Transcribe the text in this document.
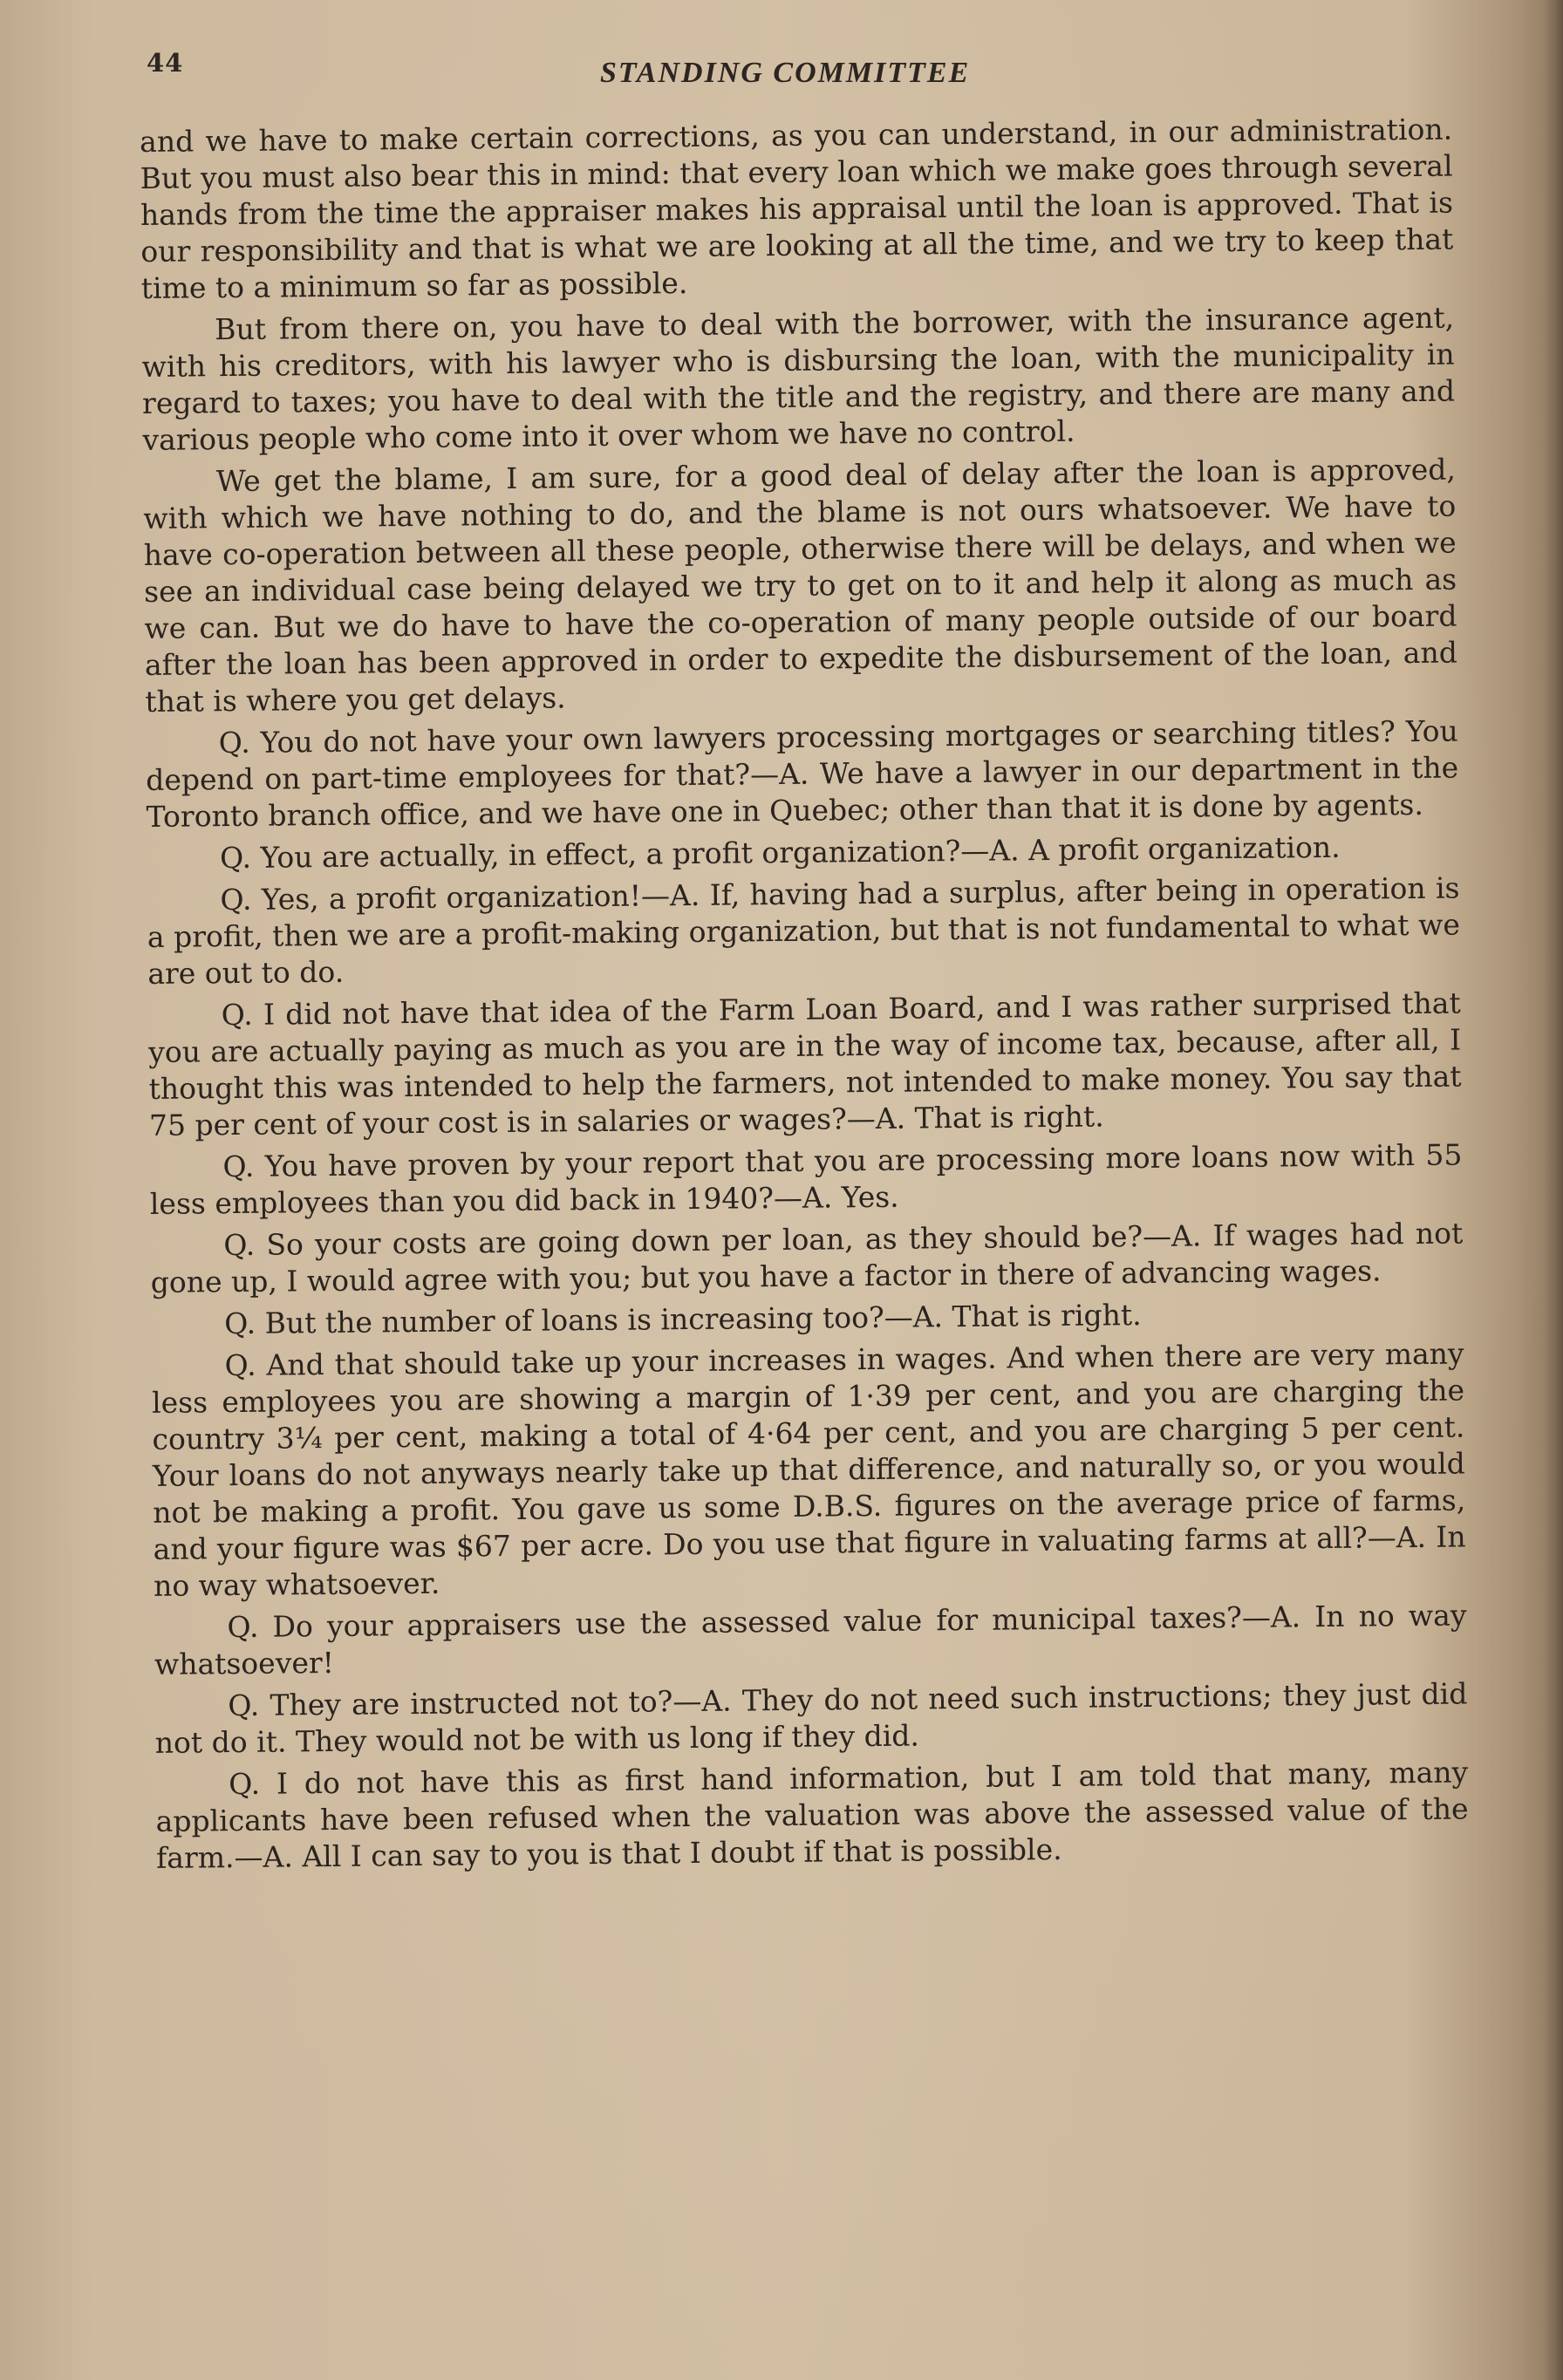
44	STANDING COMMITTEE

and we have to make certain corrections, as you can understand, in our administration. But you must also bear this in mind: that every loan which we make goes through several hands from the time the appraiser makes his appraisal until the loan is approved. That is our responsibility and that is what we are looking at all the time, and we try to keep that time to a minimum so far as possible.

But from there on, you have to deal with the borrower, with the insurance agent, with his creditors, with his lawyer who is disbursing the loan, with the municipality in regard to taxes; you have to deal with the title and the registry, and there are many and various people who come into it over whom we have no control.

We get the blame, I am sure, for a good deal of delay after the loan is approved, with which we have nothing to do, and the blame is not ours whatsoever. We have to have co-operation between all these people, otherwise there will be delays, and when we see an individual case being delayed we try to get on to it and help it along as much as we can. But we do have to have the co-operation of many people outside of our board after the loan has been approved in order to expedite the disbursement of the loan, and that is where you get delays.

Q. You do not have your own lawyers processing mortgages or searching titles? You depend on part-time employees for that?—A. We have a lawyer in our department in the Toronto branch office, and we have one in Quebec; other than that it is done by agents.

Q. You are actually, in effect, a profit organization?—A. A profit organization.

Q. Yes, a profit organization!—A. If, having had a surplus, after being in operation is a profit, then we are a profit-making organization, but that is not fundamental to what we are out to do.

Q. I did not have that idea of the Farm Loan Board, and I was rather surprised that you are actually paying as much as you are in the way of income tax, because, after all, I thought this was intended to help the farmers, not intended to make money. You say that 75 per cent of your cost is in salaries or wages?—A. That is right.

Q. You have proven by your report that you are processing more loans now with 55 less employees than you did back in 1940?—A. Yes.

Q. So your costs are going down per loan, as they should be?—A. If wages had not gone up, I would agree with you; but you have a factor in there of advancing wages.

Q. But the number of loans is increasing too?—A. That is right.

Q. And that should take up your increases in wages. And when there are very many less employees you are showing a margin of 1·39 per cent, and you are charging the country 3¼ per cent, making a total of 4·64 per cent, and you are charging 5 per cent. Your loans do not anyways nearly take up that difference, and naturally so, or you would not be making a profit. You gave us some D.B.S. figures on the average price of farms, and your figure was $67 per acre. Do you use that figure in valuating farms at all?—A. In no way whatsoever.

Q. Do your appraisers use the assessed value for municipal taxes?—A. In no way whatsoever!

Q. They are instructed not to?—A. They do not need such instructions; they just did not do it. They would not be with us long if they did.

Q. I do not have this as first hand information, but I am told that many, many applicants have been refused when the valuation was above the assessed value of the farm.—A. All I can say to you is that I doubt if that is possible.
